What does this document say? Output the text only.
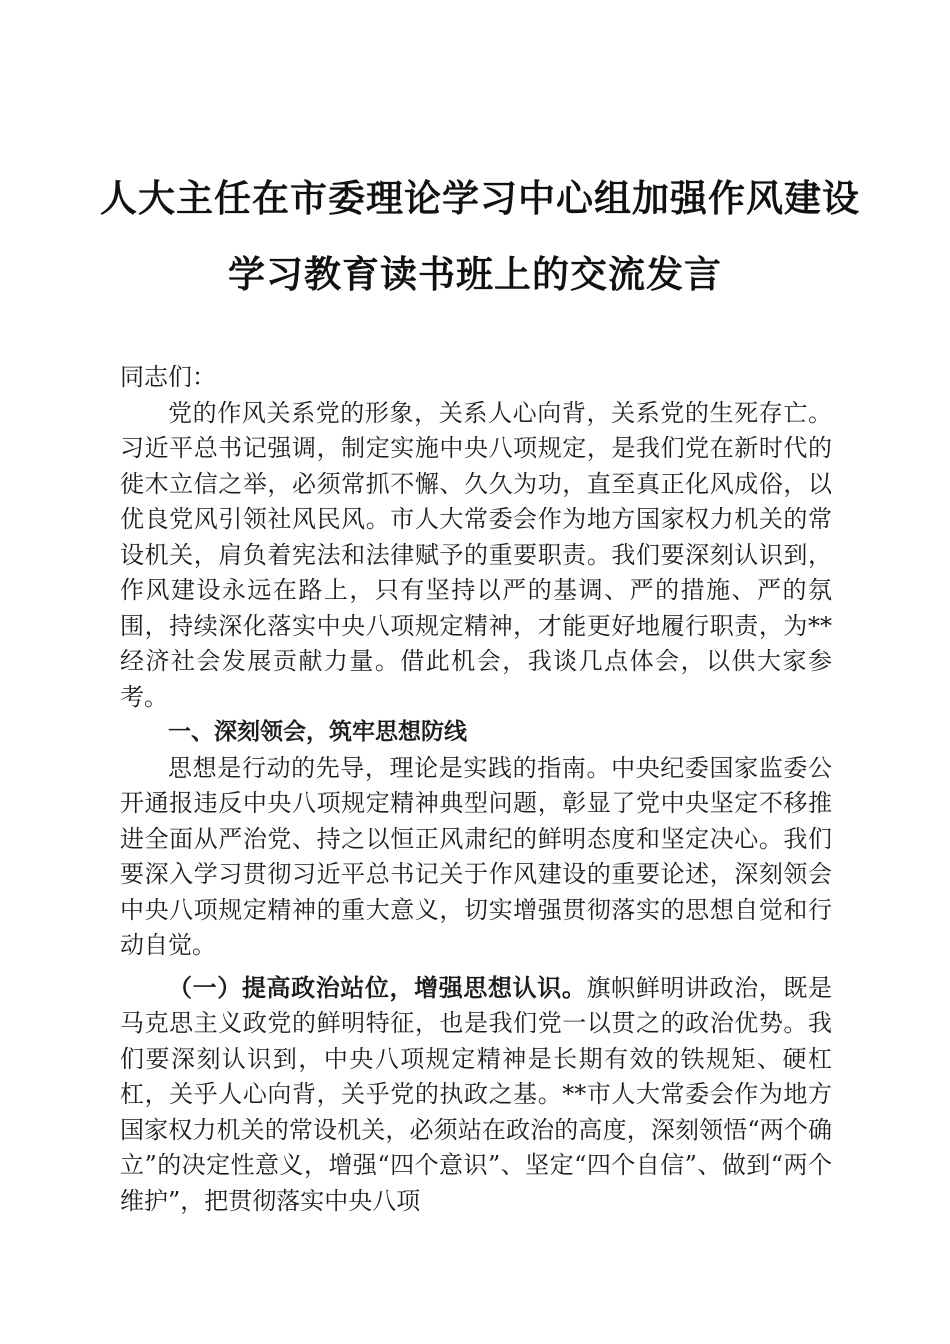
人大主任在市委理论学习中心组加强作风建设
学习教育读书班上的交流发言

同志们：

党的作风关系党的形象，关系人心向背，关系党的生死存亡。习近平总书记强调，制定实施中央八项规定，是我们党在新时代的徙木立信之举，必须常抓不懈、久久为功，直至真正化风成俗，以优良党风引领社风民风。市人大常委会作为地方国家权力机关的常设机关，肩负着宪法和法律赋予的重要职责。我们要深刻认识到，作风建设永远在路上，只有坚持以严的基调、严的措施、严的氛围，持续深化落实中央八项规定精神，才能更好地履行职责，为**经济社会发展贡献力量。借此机会，我谈几点体会，以供大家参考。

一、深刻领会，筑牢思想防线

思想是行动的先导，理论是实践的指南。中央纪委国家监委公开通报违反中央八项规定精神典型问题，彰显了党中央坚定不移推进全面从严治党、持之以恒正风肃纪的鲜明态度和坚定决心。我们要深入学习贯彻习近平总书记关于作风建设的重要论述，深刻领会中央八项规定精神的重大意义，切实增强贯彻落实的思想自觉和行动自觉。

（一）提高政治站位，增强思想认识。旗帜鲜明讲政治，既是马克思主义政党的鲜明特征，也是我们党一以贯之的政治优势。我们要深刻认识到，中央八项规定精神是长期有效的铁规矩、硬杠杠，关乎人心向背，关乎党的执政之基。**市人大常委会作为地方国家权力机关的常设机关，必须站在政治的高度，深刻领悟“两个确立”的决定性意义，增强“四个意识”、坚定“四个自信”、做到“两个维护”，把贯彻落实中央八项
